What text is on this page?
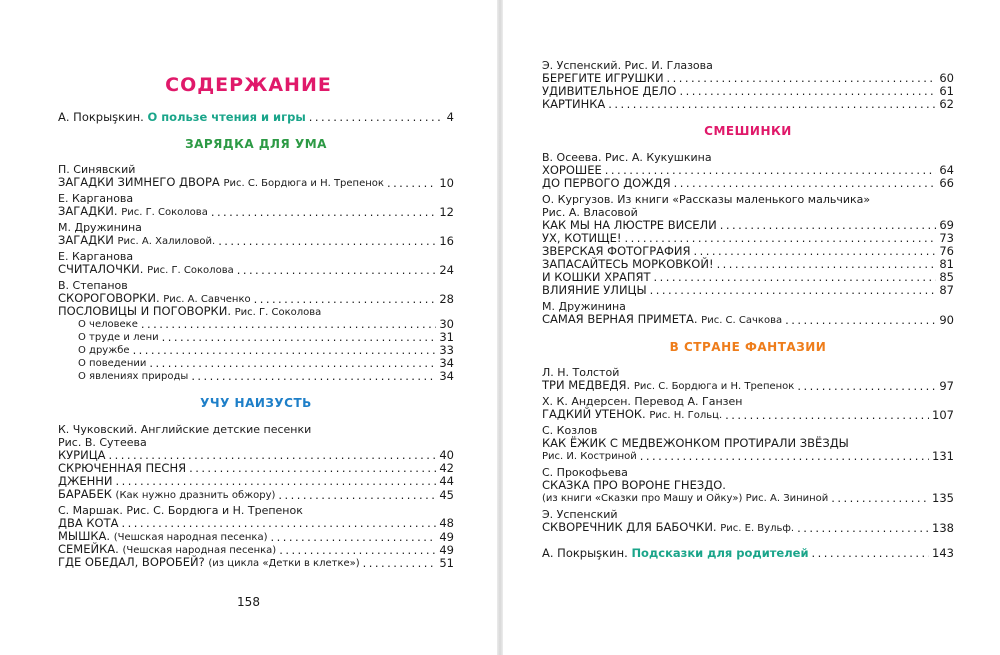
СОДЕРЖАНИЕ
А. Покрыşкин. О пользе чтения и игры . . .	4
ЗАРЯДКА ДЛЯ УМА
П. Синявский
ЗАГАДКИ ЗИМНЕГО ДВОРА Рис. С. Бордюга и Н. Трепенок . . .	10
Е. Карганова
ЗАГАДКИ. Рис. Г. Соколова . . .	12
М. Дружинина
ЗАГАДКИ Рис. А. Халиловой. . . .	16
Е. Карганова
СЧИТАЛОЧКИ. Рис. Г. Соколова . . .	24
В. Степанов
СКОРОГОВОРКИ. Рис. А. Савченко . . .	28
ПОСЛОВИЦЫ И ПОГОВОРКИ. Рис. Г. Соколова
О человеке . . .	30
О труде и лени . . .	31
О дружбе . . .	33
О поведении . . .	34
О явлениях природы . . .	34
УЧУ НАИЗУСТЬ
К. Чуковский. Английские детские песенки
Рис. В. Сутеева
КУРИЦА . . .	40
СКРЮЧЕННАЯ ПЕСНЯ . . .	42
ДЖЕННИ . . .	44
БАРАБЕК (Как нужно дразнить обжору) . . .	45
С. Маршак. Рис. С. Бордюга и Н. Трепенок
ДВА КОТА . . .	48
МЫШКА. (Чешская народная песенка) . . .	49
СЕМЕЙКА. (Чешская народная песенка) . . .	49
ГДЕ ОБЕДАЛ, ВОРОБЕЙ? (из цикла «Детки в клетке») . . .	51
158
Э. Успенский. Рис. И. Глазова
БЕРЕГИТЕ ИГРУШКИ . . .	60
УДИВИТЕЛЬНОЕ ДЕЛО . . .	61
КАРТИНКА . . .	62
СМЕШИНКИ
В. Осеева. Рис. А. Кукушкина
ХОРОШЕЕ . . .	64
ДО ПЕРВОГО ДОЖДЯ . . .	66
О. Кургузов. Из книги «Рассказы маленького мальчика»
Рис. А. Власовой
КАК МЫ НА ЛЮСТРЕ ВИСЕЛИ . . .	69
УХ, КОТИЩЕ! . . .	73
ЗВЕРСКАЯ ФОТОГРАФИЯ . . .	76
ЗАПАСАЙТЕСЬ МОРКОВКОЙ! . . .	81
И КОШКИ ХРАПЯТ . . .	85
ВЛИЯНИЕ УЛИЦЫ . . .	87
М. Дружинина
САМАЯ ВЕРНАЯ ПРИМЕТА. Рис. С. Сачкова . . .	90
В СТРАНЕ ФАНТАЗИИ
Л. Н. Толстой
ТРИ МЕДВЕДЯ. Рис. С. Бордюга и Н. Трепенок . . .	97
Х. К. Андерсен. Перевод А. Ганзен
ГАДКИЙ УТЕНОК. Рис. Н. Гольц. . . .	107
С. Козлов
КАК ЁЖИК С МЕДВЕЖОНКОМ ПРОТИРАЛИ ЗВЁЗДЫ
Рис. И. Костриной . . .	131
С. Прокофьева
СКАЗКА ПРО ВОРОНЕ ГНЕЗДО.
(из книги «Сказки про Машу и Ойку») Рис. А. Зининой . . .	135
Э. Успенский
СКВОРЕЧНИК ДЛЯ БАБОЧКИ. Рис. Е. Вульф. . . .	138
А. Покрыşкин. Подсказки для родителей . . .	143
